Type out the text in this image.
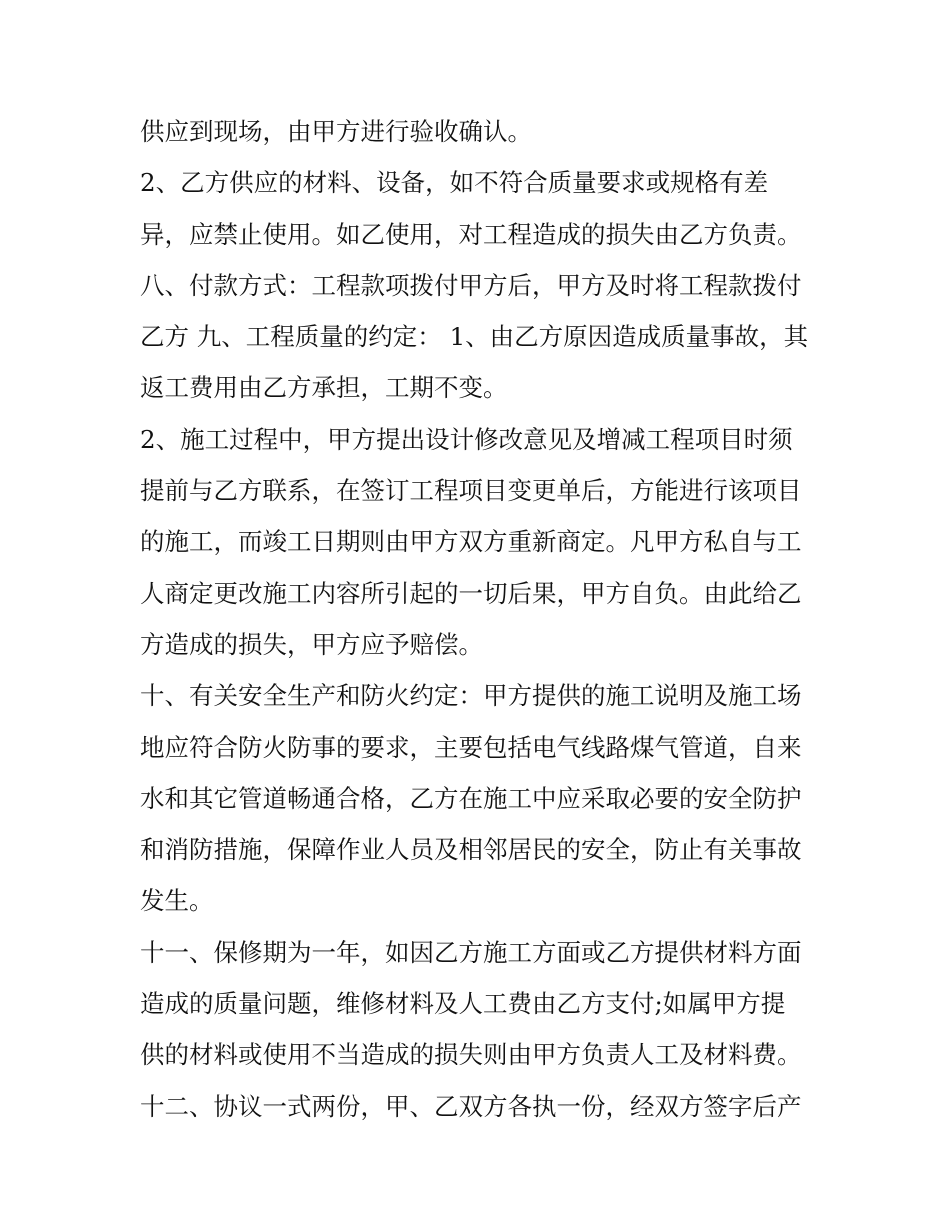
供应到现场，由甲方进行验收确认。
2、乙方供应的材料、设备，如不符合质量要求或规格有差
异，应禁止使用。如乙使用，对工程造成的损失由乙方负责。
八、付款方式：工程款项拨付甲方后，甲方及时将工程款拨付
乙方 九、工程质量的约定： 1、由乙方原因造成质量事故，其
返工费用由乙方承担，工期不变。
2、施工过程中，甲方提出设计修改意见及增减工程项目时须
提前与乙方联系，在签订工程项目变更单后，方能进行该项目
的施工，而竣工日期则由甲方双方重新商定。凡甲方私自与工
人商定更改施工内容所引起的一切后果，甲方自负。由此给乙
方造成的损失，甲方应予赔偿。
十、有关安全生产和防火约定：甲方提供的施工说明及施工场
地应符合防火防事的要求，主要包括电气线路煤气管道，自来
水和其它管道畅通合格，乙方在施工中应采取必要的安全防护
和消防措施，保障作业人员及相邻居民的安全，防止有关事故
发生。
十一、保修期为一年，如因乙方施工方面或乙方提供材料方面
造成的质量问题，维修材料及人工费由乙方支付;如属甲方提
供的材料或使用不当造成的损失则由甲方负责人工及材料费。
十二、协议一式两份，甲、乙双方各执一份，经双方签字后产
